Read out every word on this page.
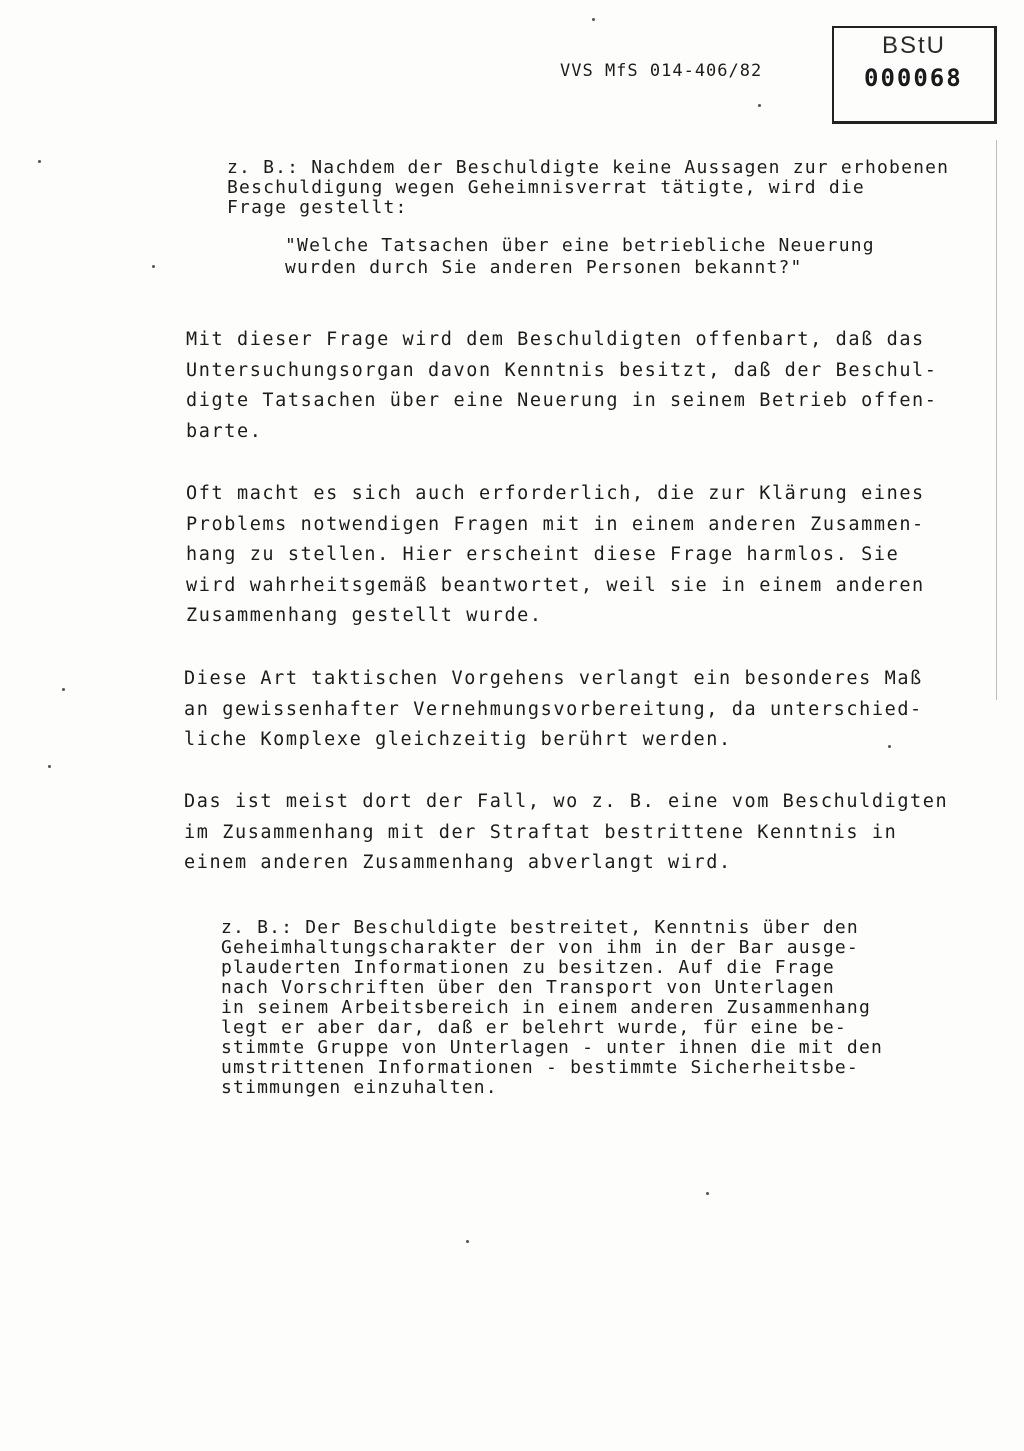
VVS MfS 014-406/82
BStU
000068
z. B.: Nachdem der Beschuldigte keine Aussagen zur erhobenen
Beschuldigung wegen Geheimnisverrat tätigte, wird die
Frage gestellt:
"Welche Tatsachen über eine betriebliche Neuerung
wurden durch Sie anderen Personen bekannt?"
Mit dieser Frage wird dem Beschuldigten offenbart, daß das
Untersuchungsorgan davon Kenntnis besitzt, daß der Beschul-
digte Tatsachen über eine Neuerung in seinem Betrieb offen-
barte.
Oft macht es sich auch erforderlich, die zur Klärung eines
Problems notwendigen Fragen mit in einem anderen Zusammen-
hang zu stellen. Hier erscheint diese Frage harmlos. Sie
wird wahrheitsgemäß beantwortet, weil sie in einem anderen
Zusammenhang gestellt wurde.
Diese Art taktischen Vorgehens verlangt ein besonderes Maß
an gewissenhafter Vernehmungsvorbereitung, da unterschied-
liche Komplexe gleichzeitig berührt werden.
Das ist meist dort der Fall, wo z. B. eine vom Beschuldigten
im Zusammenhang mit der Straftat bestrittene Kenntnis in
einem anderen Zusammenhang abverlangt wird.
z. B.: Der Beschuldigte bestreitet, Kenntnis über den
Geheimhaltungscharakter der von ihm in der Bar ausge-
plauderten Informationen zu besitzen. Auf die Frage
nach Vorschriften über den Transport von Unterlagen
in seinem Arbeitsbereich in einem anderen Zusammenhang
legt er aber dar, daß er belehrt wurde, für eine be-
stimmte Gruppe von Unterlagen - unter ihnen die mit den
umstrittenen Informationen - bestimmte Sicherheitsbe-
stimmungen einzuhalten.
